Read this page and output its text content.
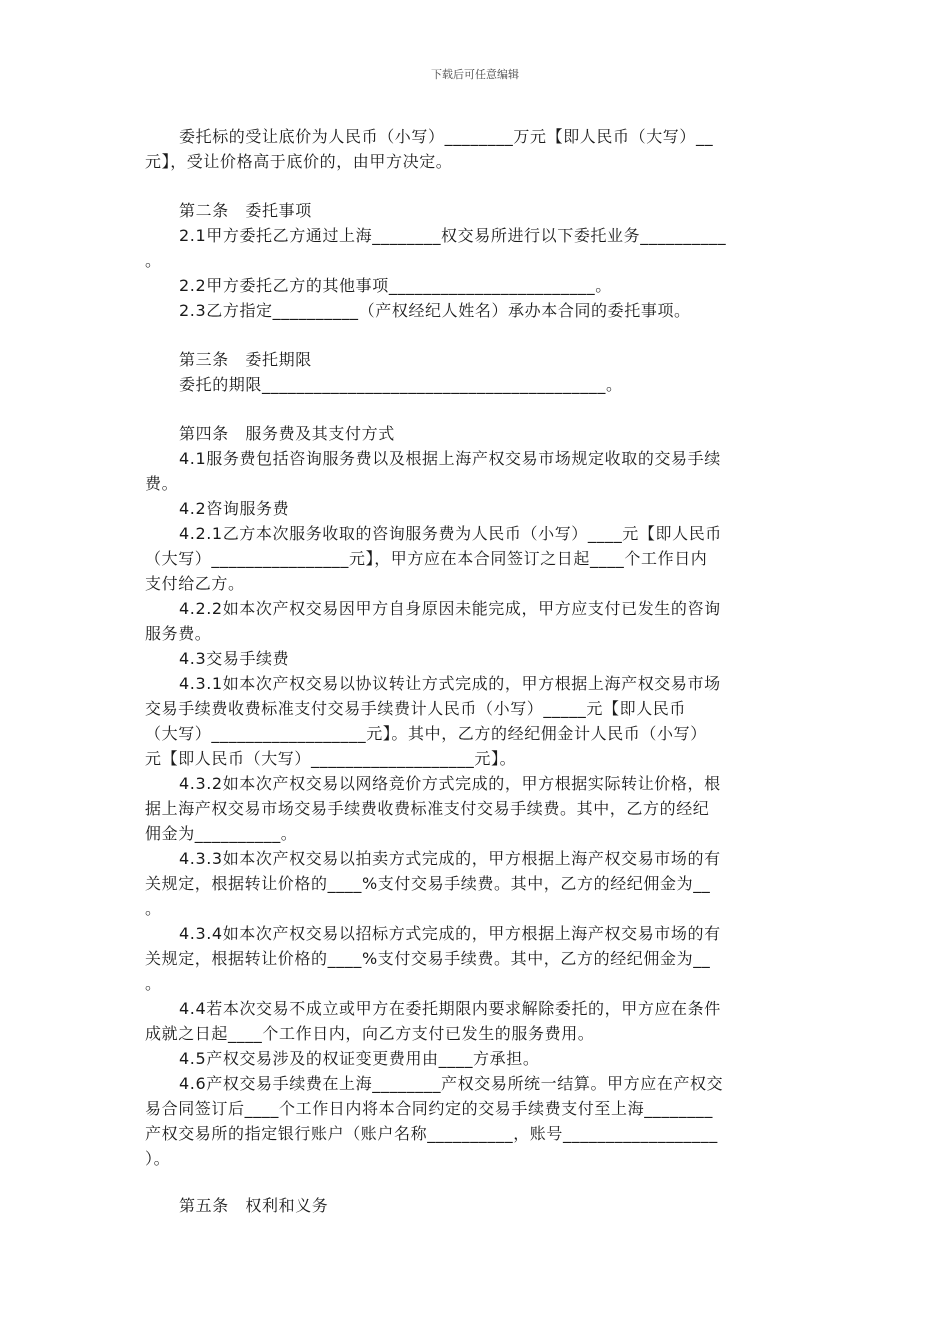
下载后可任意编辑
委托标的受让底价为人民币（小写）________万元【即人民币（大写）__
元】，受让价格高于底价的，由甲方决定。
第二条　委托事项
2.1甲方委托乙方通过上海________权交易所进行以下委托业务__________
。
2.2甲方委托乙方的其他事项________________________。
2.3乙方指定__________（产权经纪人姓名）承办本合同的委托事项。
第三条　委托期限
委托的期限________________________________________。
第四条　服务费及其支付方式
4.1服务费包括咨询服务费以及根据上海产权交易市场规定收取的交易手续
费。
4.2咨询服务费
4.2.1乙方本次服务收取的咨询服务费为人民币（小写）____元【即人民币
（大写）________________元】，甲方应在本合同签订之日起____个工作日内
支付给乙方。
4.2.2如本次产权交易因甲方自身原因未能完成，甲方应支付已发生的咨询
服务费。
4.3交易手续费
4.3.1如本次产权交易以协议转让方式完成的，甲方根据上海产权交易市场
交易手续费收费标准支付交易手续费计人民币（小写）_____元【即人民币
（大写）__________________元】。其中，乙方的经纪佣金计人民币（小写）
元【即人民币（大写）___________________元】。
4.3.2如本次产权交易以网络竞价方式完成的，甲方根据实际转让价格，根
据上海产权交易市场交易手续费收费标准支付交易手续费。其中，乙方的经纪
佣金为__________。
4.3.3如本次产权交易以拍卖方式完成的，甲方根据上海产权交易市场的有
关规定，根据转让价格的____%支付交易手续费。其中，乙方的经纪佣金为__
。
4.3.4如本次产权交易以招标方式完成的，甲方根据上海产权交易市场的有
关规定，根据转让价格的____%支付交易手续费。其中，乙方的经纪佣金为__
。
4.4若本次交易不成立或甲方在委托期限内要求解除委托的，甲方应在条件
成就之日起____个工作日内，向乙方支付已发生的服务费用。
4.5产权交易涉及的权证变更费用由____方承担。
4.6产权交易手续费在上海________产权交易所统一结算。甲方应在产权交
易合同签订后____个工作日内将本合同约定的交易手续费支付至上海________
产权交易所的指定银行账户（账户名称__________，账号__________________
）。
第五条　权利和义务
